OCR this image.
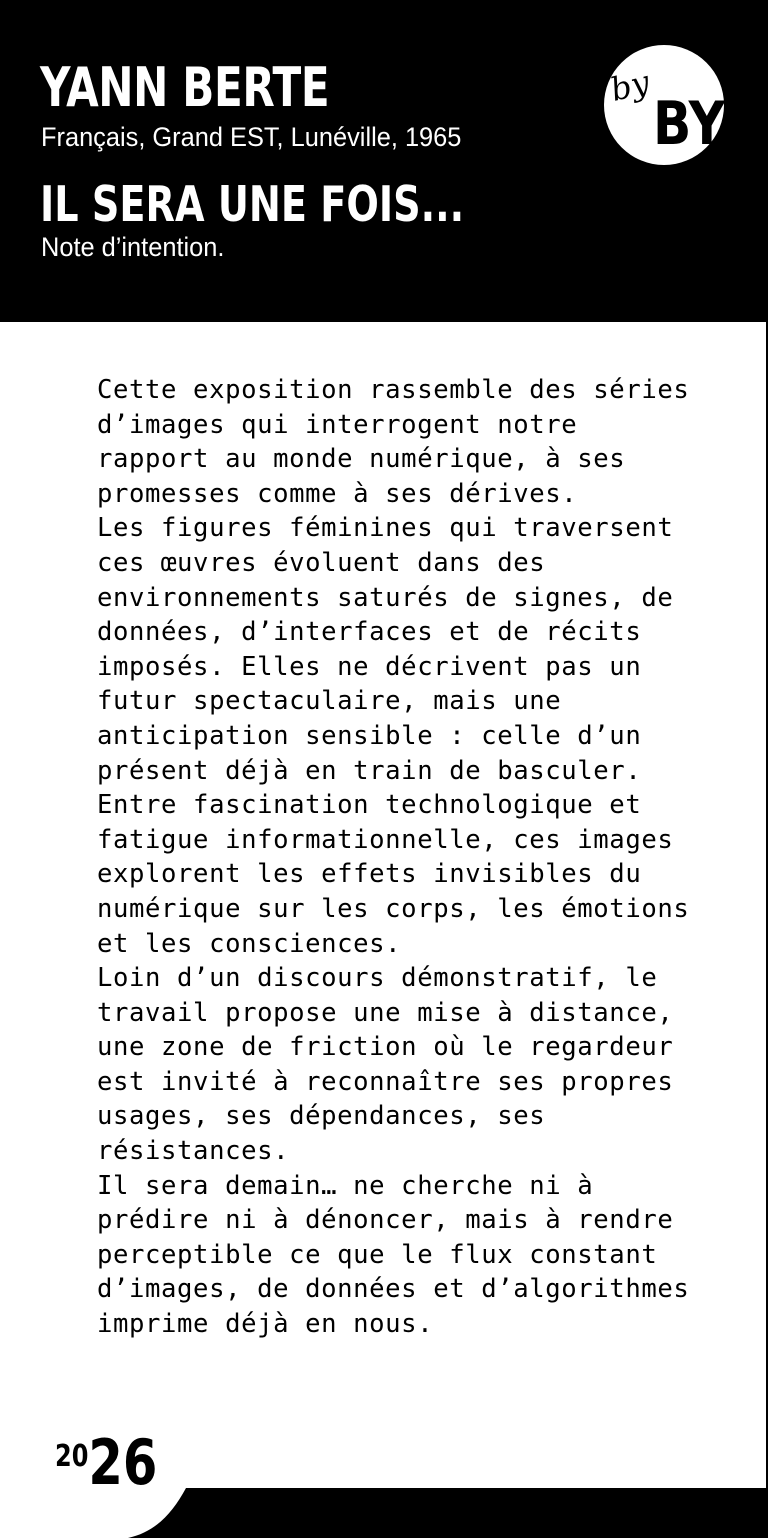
YANN BERTE
Français, Grand EST, Lunéville, 1965
IL SERA UNE FOIS...
Note d’intention.
by
BY

Cette exposition rassemble des séries

d’images qui interrogent notre

rapport au monde numérique, à ses

promesses comme à ses dérives.

Les figures féminines qui traversent

ces œuvres évoluent dans des

environnements saturés de signes, de

données, d’interfaces et de récits

imposés. Elles ne décrivent pas un

futur spectaculaire, mais une

anticipation sensible : celle d’un

présent déjà en train de basculer.

Entre fascination technologique et

fatigue informationnelle, ces images

explorent les effets invisibles du

numérique sur les corps, les émotions

et les consciences.

Loin d’un discours démonstratif, le

travail propose une mise à distance,

une zone de friction où le regardeur

est invité à reconnaître ses propres

usages, ses dépendances, ses

résistances.

Il sera demain… ne cherche ni à

prédire ni à dénoncer, mais à rendre

perceptible ce que le flux constant

d’images, de données et d’algorithmes

imprime déjà en nous.

2026
